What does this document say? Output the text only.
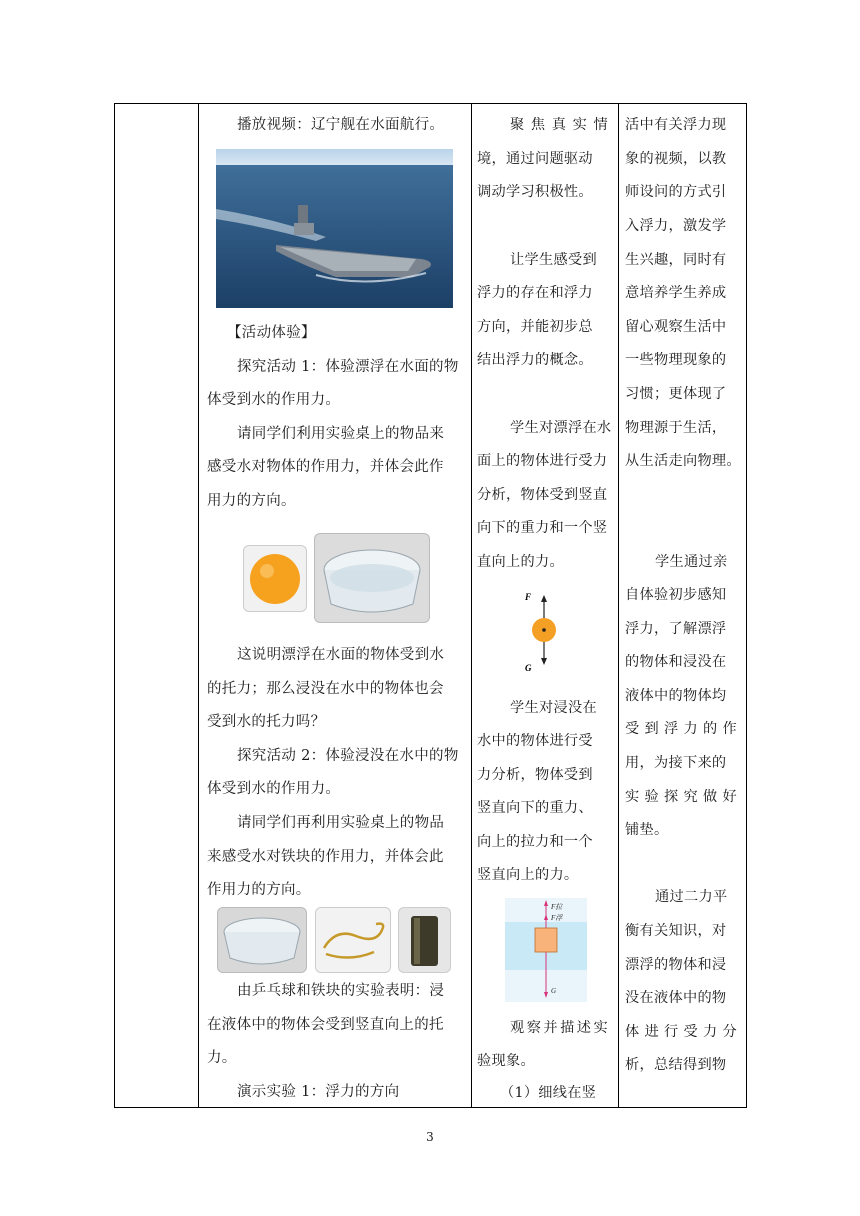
播放视频：辽宁舰在水面航行。
【活动体验】
探究活动 1：体验漂浮在水面的物
体受到水的作用力。
请同学们利用实验桌上的物品来
感受水对物体的作用力，并体会此作
用力的方向。
这说明漂浮在水面的物体受到水
的托力；那么浸没在水中的物体也会
受到水的托力吗？
探究活动 2：体验浸没在水中的物
体受到水的作用力。
请同学们再利用实验桌上的物品
来感受水对铁块的作用力，并体会此
作用力的方向。
由乒乓球和铁块的实验表明：浸
在液体中的物体会受到竖直向上的托
力。
演示实验 1：浮力的方向
聚焦真实情
境，通过问题驱动
调动学习积极性。
让学生感受到
浮力的存在和浮力
方向，并能初步总
结出浮力的概念。
学生对漂浮在水
面上的物体进行受力
分析，物体受到竖直
向下的重力和一个竖
直向上的力。
F
G
学生对浸没在
水中的物体进行受
力分析，物体受到
竖直向下的重力、
向上的拉力和一个
竖直向上的力。
F拉
F浮
G
观察并描述实
验现象。
（1）细线在竖
活中有关浮力现
象的视频，以教
师设问的方式引
入浮力，激发学
生兴趣，同时有
意培养学生养成
留心观察生活中
一些物理现象的
习惯；更体现了
物理源于生活，
从生活走向物理。
学生通过亲
自体验初步感知
浮力，了解漂浮
的物体和浸没在
液体中的物体均
受到浮力的作
用，为接下来的
实验探究做好
铺垫。
通过二力平
衡有关知识，对
漂浮的物体和浸
没在液体中的物
体进行受力分
析，总结得到物
3
